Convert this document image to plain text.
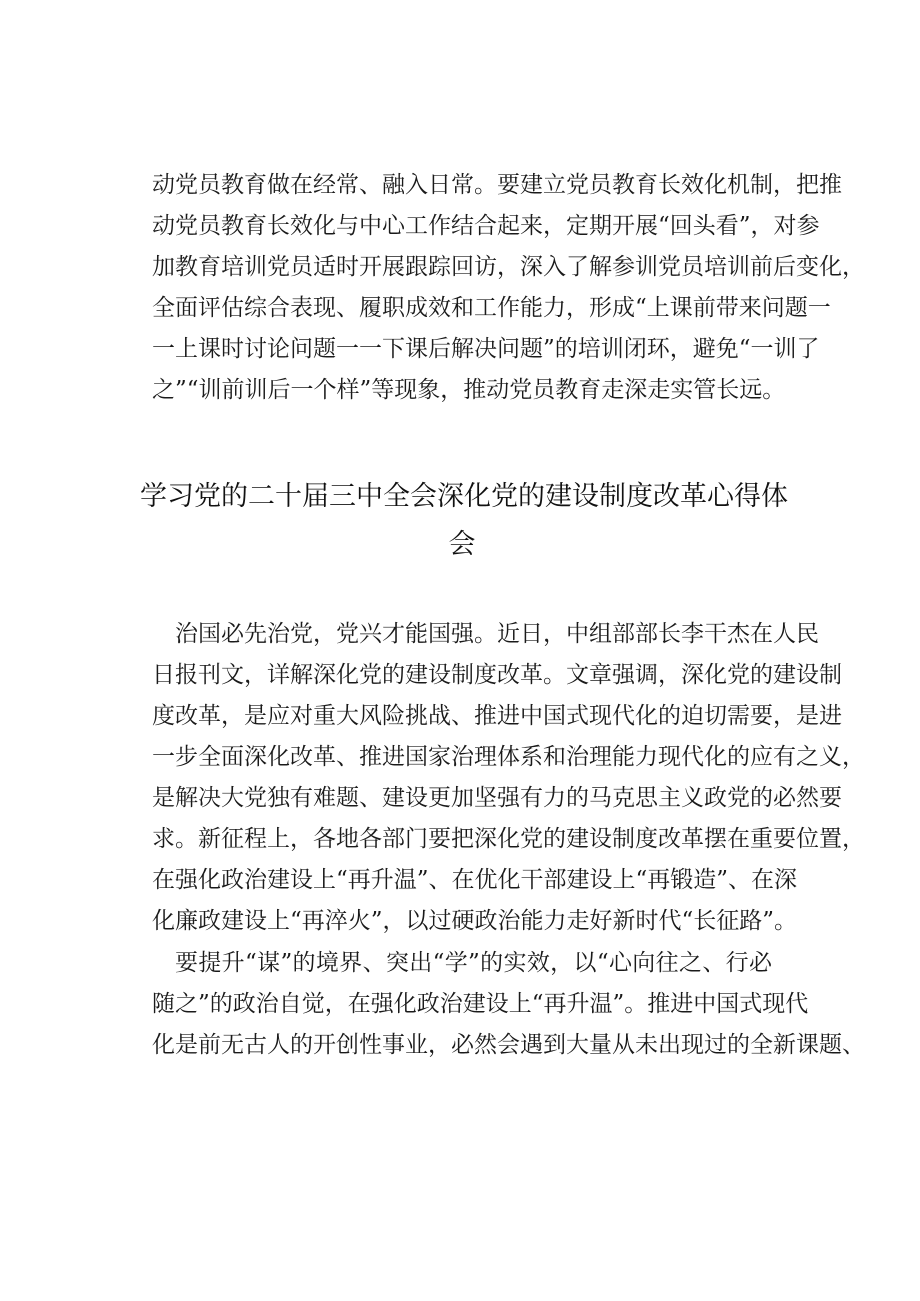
动党员教育做在经常、融入日常。要建立党员教育长效化机制，把推
动党员教育长效化与中心工作结合起来，定期开展“回头看”，对参
加教育培训党员适时开展跟踪回访，深入了解参训党员培训前后变化，
全面评估综合表现、履职成效和工作能力，形成“上课前带来问题一
一上课时讨论问题一一下课后解决问题”的培训闭环，避免“一训了
之”“训前训后一个样”等现象，推动党员教育走深走实管长远。
学习党的二十届三中全会深化党的建设制度改革心得体
会
治国必先治党，党兴才能国强。近日，中组部部长李干杰在人民
日报刊文，详解深化党的建设制度改革。文章强调，深化党的建设制
度改革，是应对重大风险挑战、推进中国式现代化的迫切需要，是进
一步全面深化改革、推进国家治理体系和治理能力现代化的应有之义，
是解决大党独有难题、建设更加坚强有力的马克思主义政党的必然要
求。新征程上，各地各部门要把深化党的建设制度改革摆在重要位置，
在强化政治建设上“再升温”、在优化干部建设上“再锻造”、在深
化廉政建设上“再淬火”，以过硬政治能力走好新时代“长征路”。
要提升“谋”的境界、突出“学”的实效，以“心向往之、行必
随之”的政治自觉，在强化政治建设上“再升温”。推进中国式现代
化是前无古人的开创性事业，必然会遇到大量从未出现过的全新课题、
